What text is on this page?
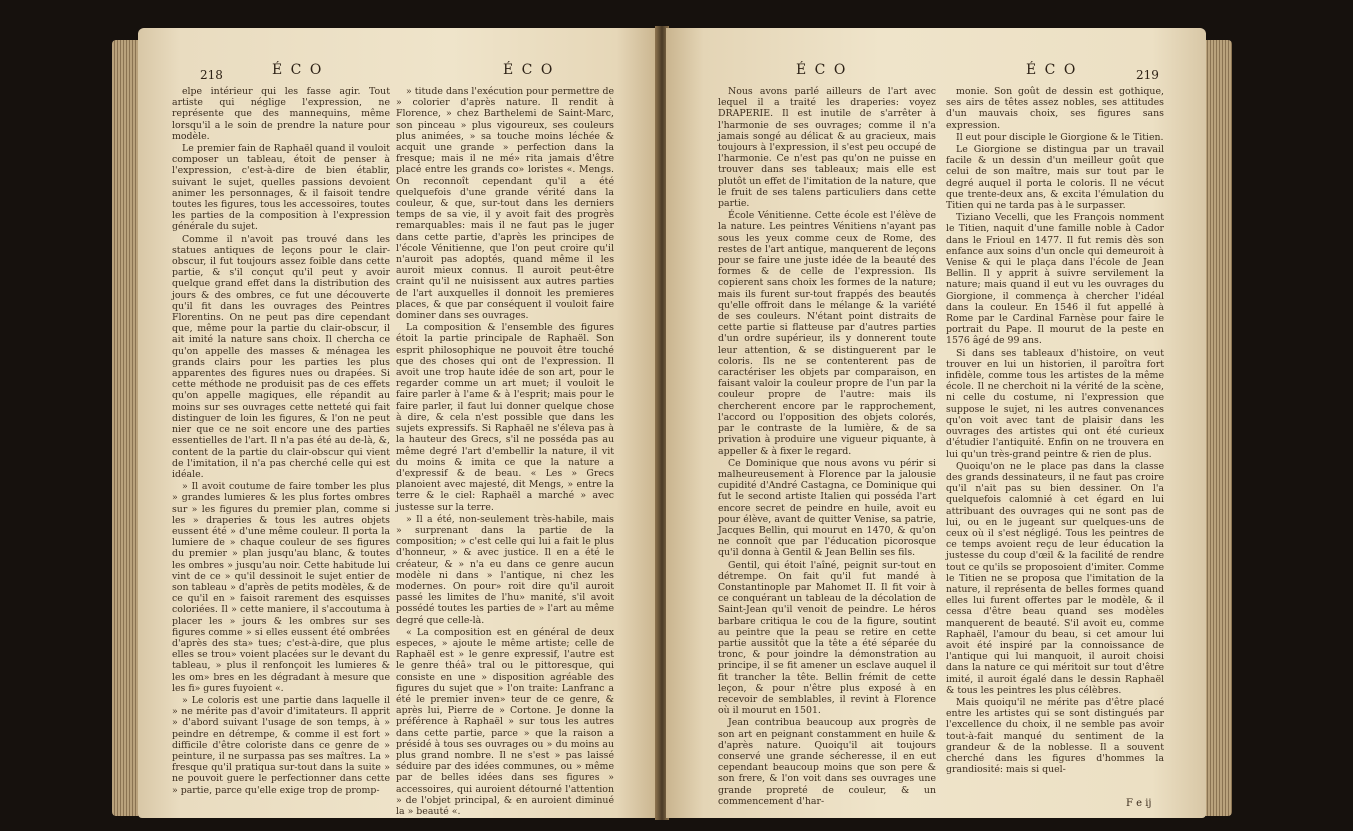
218	É C O	É C O

elpe intérieur qui les fasse agir. Tout artiste qui néglige l'expression, ne représente que des mannequins, même lorsqu'il a le soin de prendre la nature pour modèle.

Le premier fain de Raphaël quand il vouloit composer un tableau, étoit de penser à l'expression, c'est-à-dire de bien établir, suivant le sujet, quelles passions devoient animer les personnages, & il faisoit tendre toutes les figures, tous les accessoires, toutes les parties de la composition à l'expression générale du sujet.

Comme il n'avoit pas trouvé dans les statues antiques de leçons pour le clair-obscur, il fut toujours assez foible dans cette partie, & s'il conçut qu'il peut y avoir quelque grand effet dans la distribution des jours & des ombres, ce fut une découverte qu'il fit dans les ouvrages des Peintres Florentins. On ne peut pas dire cependant que, même pour la partie du clair-obscur, il ait imité la nature sans choix. Il chercha ce qu'on appelle des masses & ménagea les grands clairs pour les parties les plus apparentes des figures nues ou drapées. Si cette méthode ne produisit pas de ces effets qu'on appelle magiques, elle répandit au moins sur ses ouvrages cette netteté qui fait distinguer de loin les figures, & l'on ne peut nier que ce ne soit encore une des parties essentielles de l'art. Il n'a pas été au de-là, &, content de la partie du clair-obscur qui vient de l'imitation, il n'a pas cherché celle qui est idéale.

» Il avoit coutume de faire tomber les plus » grandes lumieres & les plus fortes ombres sur » les figures du premier plan, comme si les » draperies & tous les autres objets eussent été » d'une même couleur. Il porta la lumiere de » chaque couleur de ses figures du premier » plan jusqu'au blanc, & toutes les ombres » jusqu'au noir. Cette habitude lui vint de ce » qu'il dessinoit le sujet entier de son tableau » d'après de petits modèles, & de ce qu'il en » faisoit rarement des esquisses coloriées. Il » cette maniere, il s'accoutuma à placer les » jours & les ombres sur ses figures comme » si elles eussent été ombrées d'après des sta» tues; c'est-à-dire, que plus elles se trou» voient placées sur le devant du tableau, » plus il renfonçoit les lumieres & les om» bres en les dégradant à mesure que les fi» gures fuyoient «.

» Le coloris est une partie dans laquelle il » ne mérite pas d'avoir d'imitateurs. Il apprit » d'abord suivant l'usage de son temps, à » peindre en détrempe, & comme il est fort » difficile d'être coloriste dans ce genre de » peinture, il ne surpassa pas ses maîtres. La » fresque qu'il pratiqua sur-tout dans la suite » ne pouvoit guere le perfectionner dans cette » partie, parce qu'elle exige trop de promp-

» titude dans l'exécution pour permettre de » colorier d'après nature. Il rendit à Florence, » chez Barthelemi de Saint-Marc, son pinceau » plus vigoureux, ses couleurs plus animées, » sa touche moins léchée & acquit une grande » perfection dans la fresque; mais il ne mé» rita jamais d'être placé entre les grands co» loristes «. Mengs. On reconnoît cependant qu'il a été quelquefois d'une grande vérité dans la couleur, & que, sur-tout dans les derniers temps de sa vie, il y avoit fait des progrès remarquables: mais il ne faut pas le juger dans cette partie, d'après les principes de l'école Vénitienne, que l'on peut croire qu'il n'auroit pas adoptés, quand même il les auroit mieux connus. Il auroit peut-être craint qu'il ne nuisissent aux autres parties de l'art auxquelles il donnoit les premieres places, & que par conséquent il vouloit faire dominer dans ses ouvrages.

La composition & l'ensemble des figures étoit la partie principale de Raphaël. Son esprit philosophique ne pouvoit être touché que des choses qui ont de l'expression. Il avoit une trop haute idée de son art, pour le regarder comme un art muet; il vouloit le faire parler à l'ame & à l'esprit; mais pour le faire parler, il faut lui donner quelque chose à dire, & cela n'est possible que dans les sujets expressifs. Si Raphaël ne s'éleva pas à la hauteur des Grecs, s'il ne posséda pas au même degré l'art d'embellir la nature, il vit du moins & imita ce que la nature a d'expressif & de beau. « Les » Grecs planoient avec majesté, dit Mengs, » entre la terre & le ciel: Raphaël a marché » avec justesse sur la terre.

» Il a été, non-seulement très-habile, mais » surprenant dans la partie de la composition; » c'est celle qui lui a fait le plus d'honneur, » & avec justice. Il en a été le créateur, & » n'a eu dans ce genre aucun modèle ni dans » l'antique, ni chez les modernes. On pour» roit dire qu'il auroit passé les limites de l'hu» manité, s'il avoit possédé toutes les parties de » l'art au même degré que celle-là.

« La composition est en général de deux especes, » ajoute le même artiste; celle de Raphaël est » le genre expressif, l'autre est le genre théâ» tral ou le pittoresque, qui consiste en une » disposition agréable des figures du sujet que » l'on traite: Lanfranc a été le premier inven» teur de ce genre, & après lui, Pierre de » Cortone. Je donne la préférence à Raphaël » sur tous les autres dans cette partie, parce » que la raison a présidé à tous ses ouvrages ou » du moins au plus grand nombre. Il ne s'est » pas laissé séduire par des idées communes, ou » même par de belles idées dans ses figures » accessoires, qui auroient détourné l'attention » de l'objet principal, & en auroient diminué la » beauté «.

É C O	É C O	219

Nous avons parlé ailleurs de l'art avec lequel il a traité les draperies: voyez DRAPERIE. Il est inutile de s'arrêter à l'harmonie de ses ouvrages; comme il n'a jamais songé au délicat & au gracieux, mais toujours à l'expression, il s'est peu occupé de l'harmonie. Ce n'est pas qu'on ne puisse en trouver dans ses tableaux; mais elle est plutôt un effet de l'imitation de la nature, que le fruit de ses talens particuliers dans cette partie.

École Vénitienne. Cette école est l'élève de la nature. Les peintres Vénitiens n'ayant pas sous les yeux comme ceux de Rome, des restes de l'art antique, manquerent de leçons pour se faire une juste idée de la beauté des formes & de celle de l'expression. Ils copierent sans choix les formes de la nature; mais ils furent sur-tout frappés des beautés qu'elle offroit dans le mélange & la variété de ses couleurs. N'étant point distraits de cette partie si flatteuse par d'autres parties d'un ordre supérieur, ils y donnerent toute leur attention, & se distinguerent par le coloris. Ils ne se contenterent pas de caractériser les objets par comparaison, en faisant valoir la couleur propre de l'un par la couleur propre de l'autre: mais ils chercherent encore par le rapprochement, l'accord ou l'opposition des objets colorés, par le contraste de la lumière, & de sa privation à produire une vigueur piquante, à appeller & à fixer le regard.

Ce Dominique que nous avons vu périr si malheureusement à Florence par la jalousie cupidité d'André Castagna, ce Dominique qui fut le second artiste Italien qui posséda l'art encore secret de peindre en huile, avoit eu pour élève, avant de quitter Venise, sa patrie, Jacques Bellin, qui mourut en 1470, & qu'on ne connoît que par l'éducation picorosque qu'il donna à Gentil & Jean Bellin ses fils.

Gentil, qui étoit l'aîné, peignit sur-tout en détrempe. On fait qu'il fut mandé à Constantinople par Mahomet II. Il fit voir à ce conquérant un tableau de la décolation de Saint-Jean qu'il venoit de peindre. Le héros barbare critiqua le cou de la figure, soutint au peintre que la peau se retire en cette partie aussitôt que la tête a été séparée du tronc, & pour joindre la démonstration au principe, il se fit amener un esclave auquel il fit trancher la tête. Bellin frémit de cette leçon, & pour n'être plus exposé à en recevoir de semblables, il revint à Florence où il mourut en 1501.

Jean contribua beaucoup aux progrès de son art en peignant constamment en huile & d'après nature. Quoiqu'il ait toujours conservé une grande sécheresse, il en eut cependant beaucoup moins que son pere & son frere, & l'on voit dans ses ouvrages une grande propreté de couleur, & un commencement d'har-

monie. Son goût de dessin est gothique, ses airs de têtes assez nobles, ses attitudes d'un mauvais choix, ses figures sans expression.

Il eut pour disciple le Giorgione & le Titien.

Le Giorgione se distingua par un travail facile & un dessin d'un meilleur goût que celui de son maître, mais sur tout par le degré auquel il porta le coloris. Il ne vécut que trente-deux ans, & excita l'émulation du Titien qui ne tarda pas à le surpasser.

Tiziano Vecelli, que les François nomment le Titien, naquit d'une famille noble à Cador dans le Frioul en 1477. Il fut remis dès son enfance aux soins d'un oncle qui demeuroit à Venise & qui le plaça dans l'école de Jean Bellin. Il y apprit à suivre servilement la nature; mais quand il eut vu les ouvrages du Giorgione, il commença à chercher l'idéal dans la couleur. En 1546 il fut appellé à Rome par le Cardinal Farnèse pour faire le portrait du Pape. Il mourut de la peste en 1576 âgé de 99 ans.

Si dans ses tableaux d'histoire, on veut trouver en lui un historien, il paroîtra fort infidèle, comme tous les artistes de la même école. Il ne cherchoit ni la vérité de la scène, ni celle du costume, ni l'expression que suppose le sujet, ni les autres convenances qu'on voit avec tant de plaisir dans les ouvrages des artistes qui ont été curieux d'étudier l'antiquité. Enfin on ne trouvera en lui qu'un très-grand peintre & rien de plus.

Quoiqu'on ne le place pas dans la classe des grands dessinateurs, il ne faut pas croire qu'il n'ait pas su bien dessiner. On l'a quelquefois calomnié à cet égard en lui attribuant des ouvrages qui ne sont pas de lui, ou en le jugeant sur quelques-uns de ceux où il s'est négligé. Tous les peintres de ce temps avoient reçu de leur éducation la justesse du coup d'œil & la facilité de rendre tout ce qu'ils se proposoient d'imiter. Comme le Titien ne se proposa que l'imitation de la nature, il représenta de belles formes quand elles lui furent offertes par le modèle, & il cessa d'être beau quand ses modèles manquerent de beauté. S'il avoit eu, comme Raphaël, l'amour du beau, si cet amour lui avoit été inspiré par la connoissance de l'antique qui lui manquoit, il auroit choisi dans la nature ce qui méritoit sur tout d'être imité, il auroit égalé dans le dessin Raphaël & tous les peintres les plus célèbres.

Mais quoiqu'il ne mérite pas d'être placé entre les artistes qui se sont distingués par l'excellence du choix, il ne semble pas avoir tout-à-fait manqué du sentiment de la grandeur & de la noblesse. Il a souvent cherché dans les figures d'hommes la grandiosité: mais si quel-

F e ij
